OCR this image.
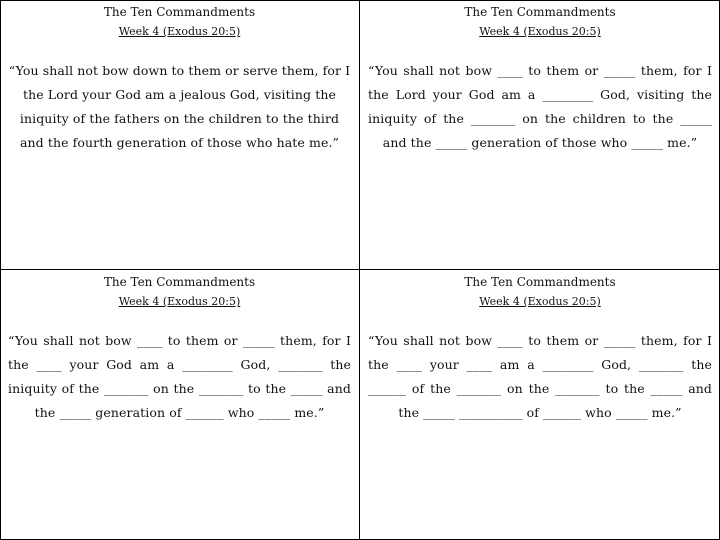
The Ten Commandments
Week 4 (Exodus 20:5)
“You shall not bow down to them or serve them, for I the Lord your God am a jealous God, visiting the iniquity of the fathers on the children to the third and the fourth generation of those who hate me.”
The Ten Commandments
Week 4 (Exodus 20:5)
“You shall not bow ____ to them or _____ them, for I the Lord your God am a ________ God, visiting the iniquity of the _______ on the children to the _____ and the _____ generation of those who _____ me.”
The Ten Commandments
Week 4 (Exodus 20:5)
“You shall not bow ____ to them or _____ them, for I the ____ your God am a ________ God, _______ the iniquity of the _______ on the _______ to the _____ and the _____ generation of ______ who _____ me.”
The Ten Commandments
Week 4 (Exodus 20:5)
“You shall not bow ____ to them or _____ them, for I the ____ your ____ am a ________ God, _______ the ______ of the _______ on the _______ to the _____ and the _____ __________ of ______ who _____ me.”
